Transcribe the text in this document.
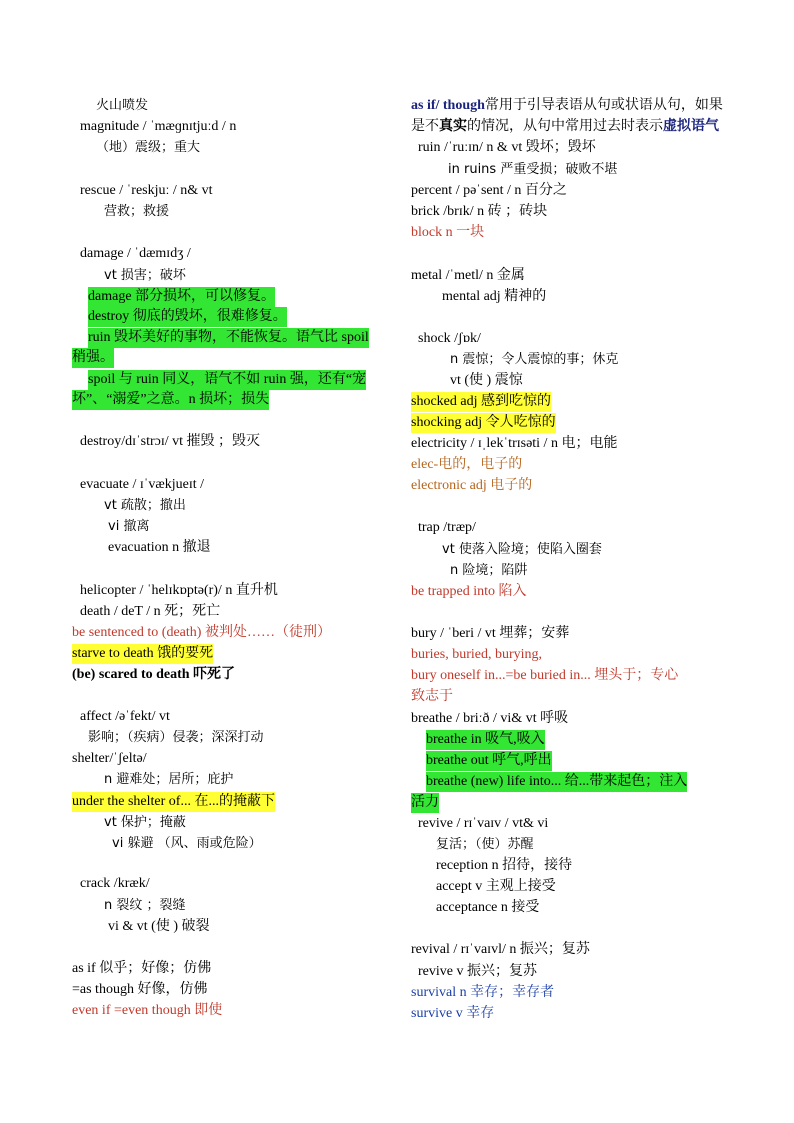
火山喷发
magnitude / ˈmæɡnɪtjuːd / n
（地）震级；重大
rescue / ˈreskjuː / n& vt
营救；救援
damage / ˈdæmɪdʒ /
vt 损害；破坏
damage 部分损坏，可以修复。
destroy 彻底的毁坏，很难修复。
ruin 毁坏美好的事物，不能恢复。语气比 spoil
稍强。
spoil 与 ruin 同义，语气不如 ruin 强，还有“宠
坏”、“溺爱”之意。n 损坏；损失
destroy/dɪˈstrɔɪ/ vt 摧毁 ；毁灭
evacuate / ɪˈvækjueɪt /
vt 疏散；撤出
vi 撤离
evacuation n 撤退
helicopter / ˈhelɪkɒptə(r)/ n 直升机
death / deT / n 死；死亡
be sentenced to (death) 被判处……（徒刑）
starve to death 饿的要死
(be) scared to death 吓死了
affect /əˈfekt/ vt
影响；（疾病）侵袭；深深打动
shelter/ˈʃeltə/
n 避难处；居所；庇护
under the shelter of... 在...的掩蔽下
vt 保护；掩蔽
vi 躲避 （风、雨或危险）
crack /kræk/
n 裂纹 ；裂缝
vi & vt (使 ) 破裂
as if 似乎；好像；仿佛
=as though 好像，仿佛
even if =even though 即使
as if/ though常用于引导表语从句或状语从句，如果
是不真实的情况，从句中常用过去时表示虚拟语气
ruin /ˈruːɪn/ n & vt 毁坏；毁坏
in ruins 严重受损；破败不堪
percent / pəˈsent / n 百分之
brick /brɪk/ n 砖 ；砖块
block n 一块
metal /ˈmetl/ n 金属
mental adj 精神的
shock /ʃɒk/
n 震惊；令人震惊的事；休克
vt (使 ) 震惊
shocked adj 感到吃惊的
shocking adj 令人吃惊的
electricity / ɪˌlekˈtrɪsəti / n 电；电能
elec-电的，电子的
electronic adj 电子的
trap /træp/
vt 使落入险境；使陷入圈套
n 险境；陷阱
be trapped into 陷入
bury / ˈberi / vt 埋葬；安葬
buries, buried, burying,
bury oneself in...=be buried in... 埋头于；专心
致志于
breathe / briːð / vi& vt 呼吸
breathe in 吸气,吸入
breathe out 呼气,呼出
breathe (new) life into... 给...带来起色；注入
活力
revive / rɪˈvaɪv / vt& vi
复活；（使）苏醒
reception n 招待，接待
accept v 主观上接受
acceptance n 接受
revival / rɪˈvaɪvl/ n 振兴；复苏
revive v 振兴；复苏
survival n 幸存；幸存者
survive v 幸存
